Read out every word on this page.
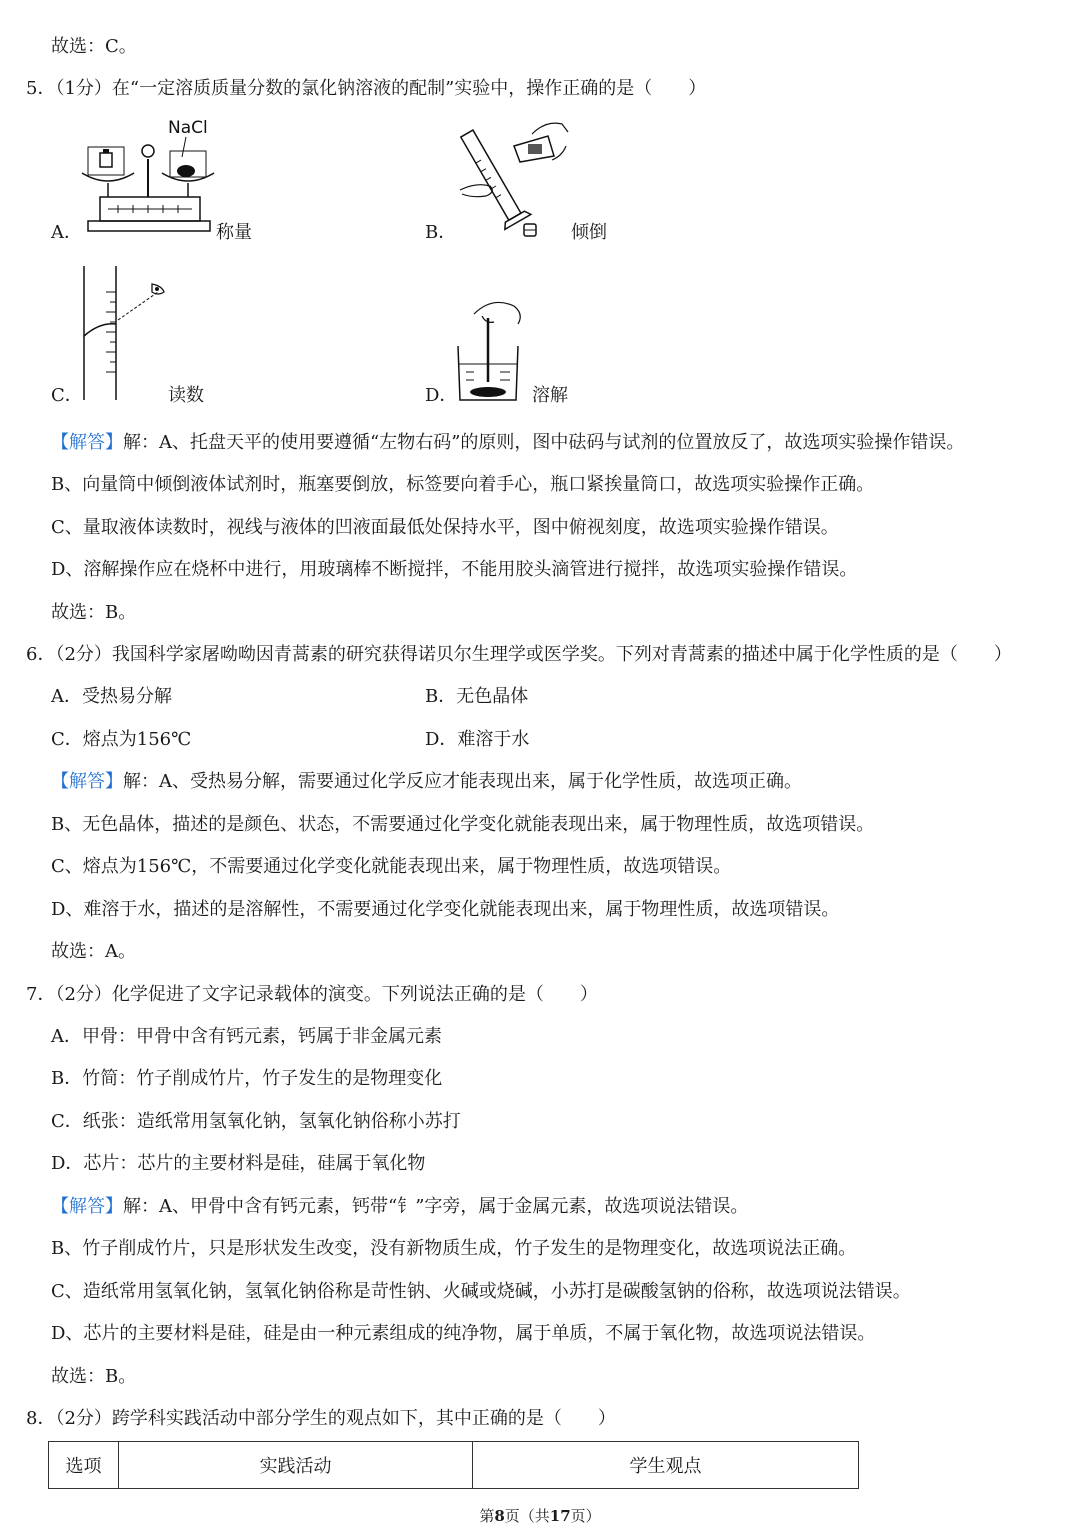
故选：C。
5．（1分）在“一定溶质质量分数的氯化钠溶液的配制”实验中，操作正确的是（　　）
NaCl
A．	称量	B．	倾倒
C．	读数	D．	溶解
【解答】解：A、托盘天平的使用要遵循“左物右码”的原则，图中砝码与试剂的位置放反了，故选项实验操作错误。
B、向量筒中倾倒液体试剂时，瓶塞要倒放，标签要向着手心，瓶口紧挨量筒口，故选项实验操作正确。
C、量取液体读数时，视线与液体的凹液面最低处保持水平，图中俯视刻度，故选项实验操作错误。
D、溶解操作应在烧杯中进行，用玻璃棒不断搅拌，不能用胶头滴管进行搅拌，故选项实验操作错误。
故选：B。
6．（2分）我国科学家屠呦呦因青蒿素的研究获得诺贝尔生理学或医学奖。下列对青蒿素的描述中属于化学性质的是（　　）
A．受热易分解	B．无色晶体
C．熔点为156℃	D．难溶于水
【解答】解：A、受热易分解，需要通过化学反应才能表现出来，属于化学性质，故选项正确。
B、无色晶体，描述的是颜色、状态，不需要通过化学变化就能表现出来，属于物理性质，故选项错误。
C、熔点为156℃，不需要通过化学变化就能表现出来，属于物理性质，故选项错误。
D、难溶于水，描述的是溶解性，不需要通过化学变化就能表现出来，属于物理性质，故选项错误。
故选：A。
7．（2分）化学促进了文字记录载体的演变。下列说法正确的是（　　）
A．甲骨：甲骨中含有钙元素，钙属于非金属元素
B．竹简：竹子削成竹片，竹子发生的是物理变化
C．纸张：造纸常用氢氧化钠，氢氧化钠俗称小苏打
D．芯片：芯片的主要材料是硅，硅属于氧化物
【解答】解：A、甲骨中含有钙元素，钙带“钅”字旁，属于金属元素，故选项说法错误。
B、竹子削成竹片，只是形状发生改变，没有新物质生成，竹子发生的是物理变化，故选项说法正确。
C、造纸常用氢氧化钠，氢氧化钠俗称是苛性钠、火碱或烧碱，小苏打是碳酸氢钠的俗称，故选项说法错误。
D、芯片的主要材料是硅，硅是由一种元素组成的纯净物，属于单质，不属于氧化物，故选项说法错误。
故选：B。
8．（2分）跨学科实践活动中部分学生的观点如下，其中正确的是（　　）
选项	实践活动	学生观点
第8页（共17页）
